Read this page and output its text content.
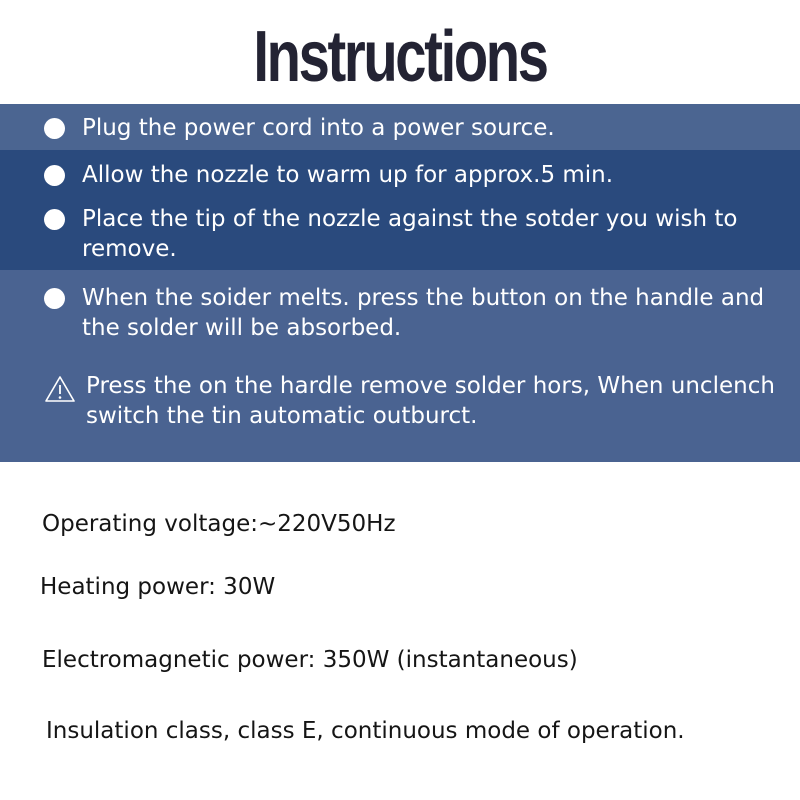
Instructions
Plug the power cord into a power source.
Allow the nozzle to warm up for approx.5 min.
Place the tip of the nozzle against the sotder you wish to remove.
When the soider melts. press the button on the handle and the solder will be absorbed.
Press the on the hardle remove solder hors, When unclench switch the tin automatic outburct.
Operating voltage:~220V50Hz
Heating power: 30W
Electromagnetic power: 350W (instantaneous)
Insulation class, class E, continuous mode of operation.
